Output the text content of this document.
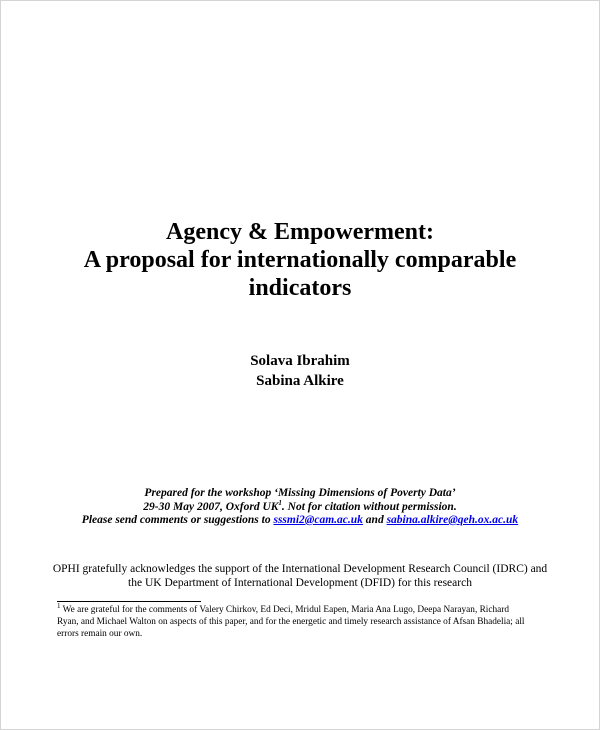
Agency & Empowerment:
A proposal for internationally comparable
indicators
Solava Ibrahim
Sabina Alkire
Prepared for the workshop ‘Missing Dimensions of Poverty Data’
29-30 May 2007, Oxford $UK^1$. Not for citation without permission.
Please send comments or suggestions to sssmi2@cam.ac.uk and sabina.alkire@qeh.ox.ac.uk
OPHI gratefully acknowledges the support of the International Development Research Council (IDRC) and
the UK Department of International Development (DFID) for this research
$^1$ We are grateful for the comments of Valery Chirkov, Ed Deci, Mridul Eapen, Maria Ana Lugo, Deepa Narayan, Richard Ryan, and Michael Walton on aspects of this paper, and for the energetic and timely research assistance of Afsan Bhadelia; all errors remain our own.
